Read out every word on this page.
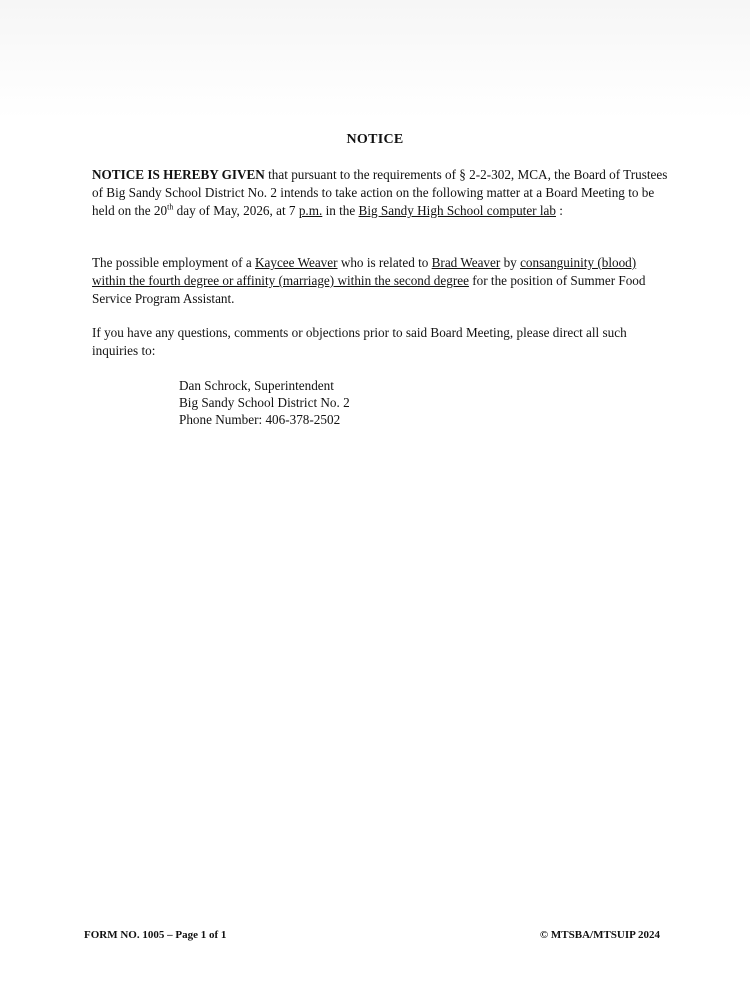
NOTICE
NOTICE IS HEREBY GIVEN that pursuant to the requirements of § 2-2-302, MCA, the Board of Trustees of Big Sandy School District No. 2 intends to take action on the following matter at a Board Meeting to be held on the 20th day of May, 2026, at 7 p.m. in the Big Sandy High School computer lab :
The possible employment of a Kaycee Weaver who is related to Brad Weaver by consanguinity (blood) within the fourth degree or affinity (marriage) within the second degree for the position of Summer Food Service Program Assistant.
If you have any questions, comments or objections prior to said Board Meeting, please direct all such inquiries to:
Dan Schrock, Superintendent
Big Sandy School District No. 2
Phone Number: 406-378-2502
FORM NO. 1005 – Page 1 of 1	© MTSBA/MTSUIP 2024
